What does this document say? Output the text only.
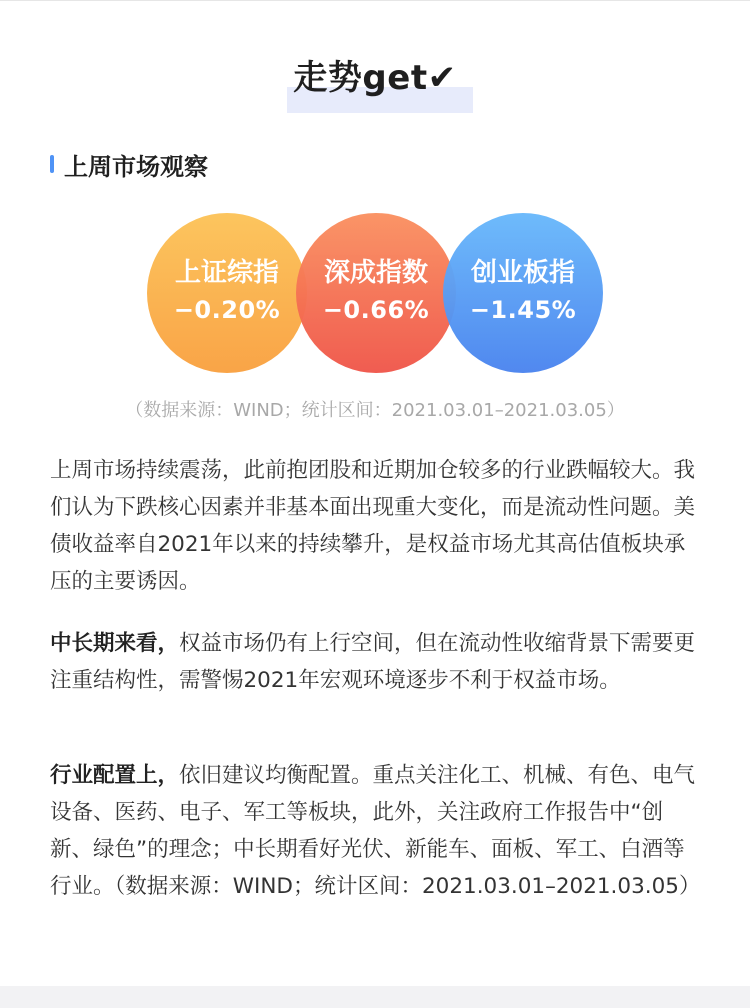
走势get✔
上周市场观察
上证综指
−0.20%
深成指数
−0.66%
创业板指
−1.45%
（数据来源：WIND；统计区间：2021.03.01–2021.03.05）

上周市场持续震荡，此前抱团股和近期加仓较多的行业跌幅较大。我们认为下跌核心因素并非基本面出现重大变化，而是流动性问题。美债收益率自2021年以来的持续攀升，是权益市场尤其高估值板块承压的主要诱因。

中长期来看，权益市场仍有上行空间，但在流动性收缩背景下需要更注重结构性，需警惕2021年宏观环境逐步不利于权益市场。

行业配置上，依旧建议均衡配置。重点关注化工、机械、有色、电气设备、医药、电子、军工等板块，此外，关注政府工作报告中“创新、绿色”的理念；中长期看好光伏、新能车、面板、军工、白酒等行业。（数据来源：WIND；统计区间：2021.03.01–2021.03.05）
